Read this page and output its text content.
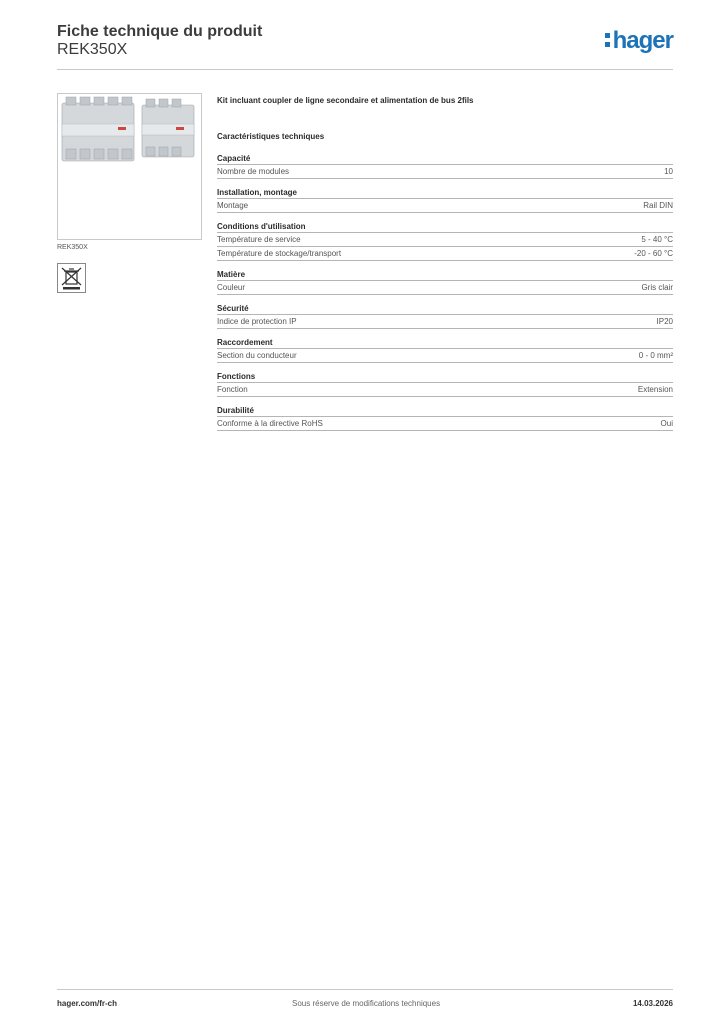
Fiche technique du produit
REK350X	hager
REK350X
Kit incluant coupler de ligne secondaire et alimentation de bus 2fils
Caractéristiques techniques
Capacité
Nombre de modules	10
Installation, montage
Montage	Rail DIN
Conditions d'utilisation
Température de service	5 - 40 °C
Température de stockage/transport	-20 - 60 °C
Matière
Couleur	Gris clair
Sécurité
Indice de protection IP	IP20
Raccordement
Section du conducteur	0 - 0 mm²
Fonctions
Fonction	Extension
Durabilité
Conforme à la directive RoHS	Oui
hager.com/fr-ch	Sous réserve de modifications techniques	14.03.2026
